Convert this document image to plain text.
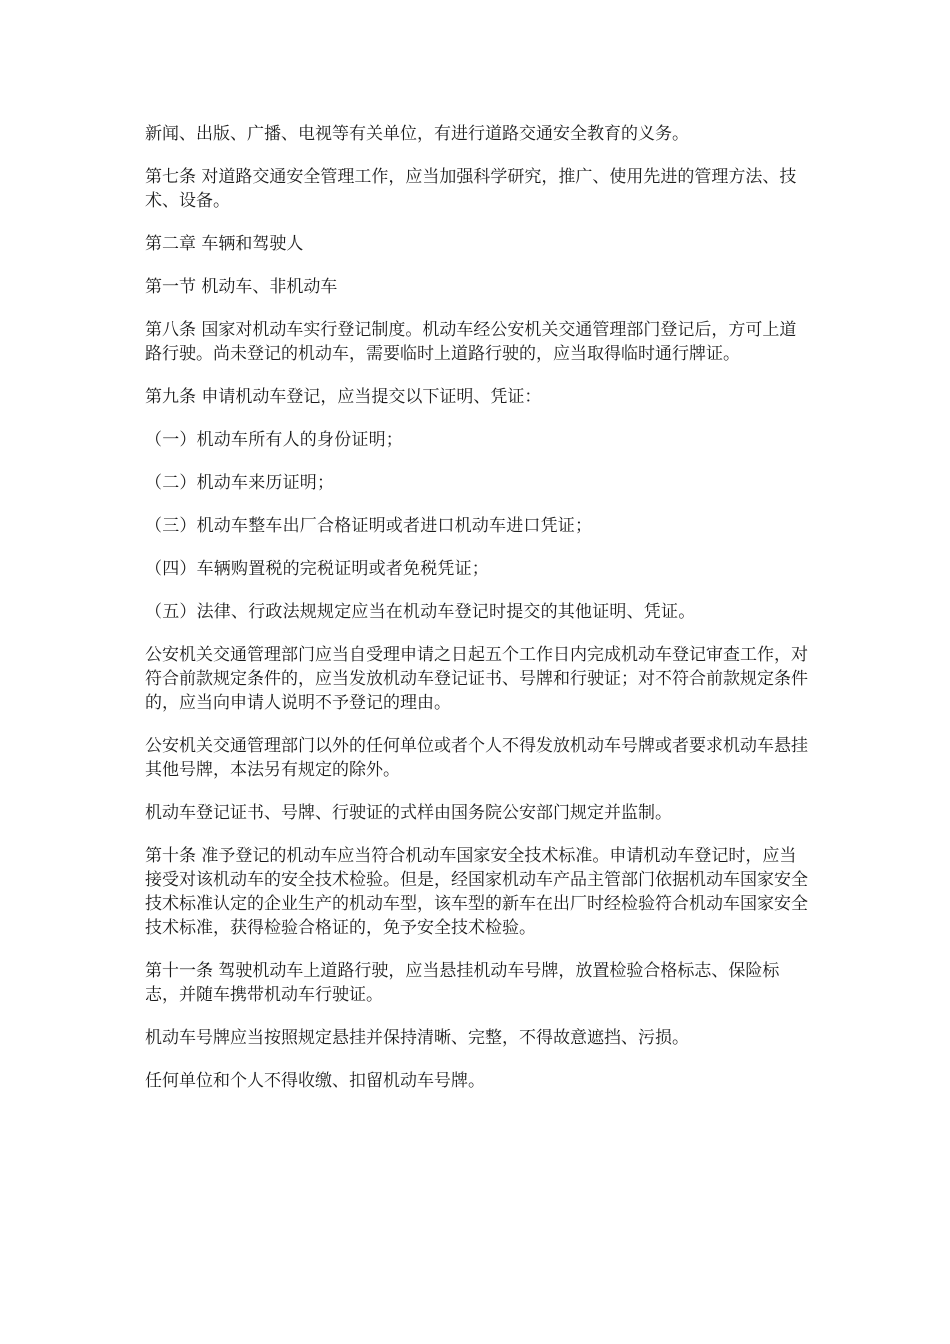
新闻、出版、广播、电视等有关单位，有进行道路交通安全教育的义务。

第七条 对道路交通安全管理工作，应当加强科学研究，推广、使用先进的管理方法、技术、设备。

第二章 车辆和驾驶人

第一节 机动车、非机动车

第八条 国家对机动车实行登记制度。机动车经公安机关交通管理部门登记后，方可上道路行驶。尚未登记的机动车，需要临时上道路行驶的，应当取得临时通行牌证。

第九条 申请机动车登记，应当提交以下证明、凭证：

（一）机动车所有人的身份证明；

（二）机动车来历证明；

（三）机动车整车出厂合格证明或者进口机动车进口凭证；

（四）车辆购置税的完税证明或者免税凭证；

（五）法律、行政法规规定应当在机动车登记时提交的其他证明、凭证。

公安机关交通管理部门应当自受理申请之日起五个工作日内完成机动车登记审查工作，对符合前款规定条件的，应当发放机动车登记证书、号牌和行驶证；对不符合前款规定条件的，应当向申请人说明不予登记的理由。

公安机关交通管理部门以外的任何单位或者个人不得发放机动车号牌或者要求机动车悬挂其他号牌，本法另有规定的除外。

机动车登记证书、号牌、行驶证的式样由国务院公安部门规定并监制。

第十条 准予登记的机动车应当符合机动车国家安全技术标准。申请机动车登记时，应当接受对该机动车的安全技术检验。但是，经国家机动车产品主管部门依据机动车国家安全技术标准认定的企业生产的机动车型，该车型的新车在出厂时经检验符合机动车国家安全技术标准，获得检验合格证的，免予安全技术检验。

第十一条 驾驶机动车上道路行驶，应当悬挂机动车号牌，放置检验合格标志、保险标志，并随车携带机动车行驶证。

机动车号牌应当按照规定悬挂并保持清晰、完整，不得故意遮挡、污损。

任何单位和个人不得收缴、扣留机动车号牌。
